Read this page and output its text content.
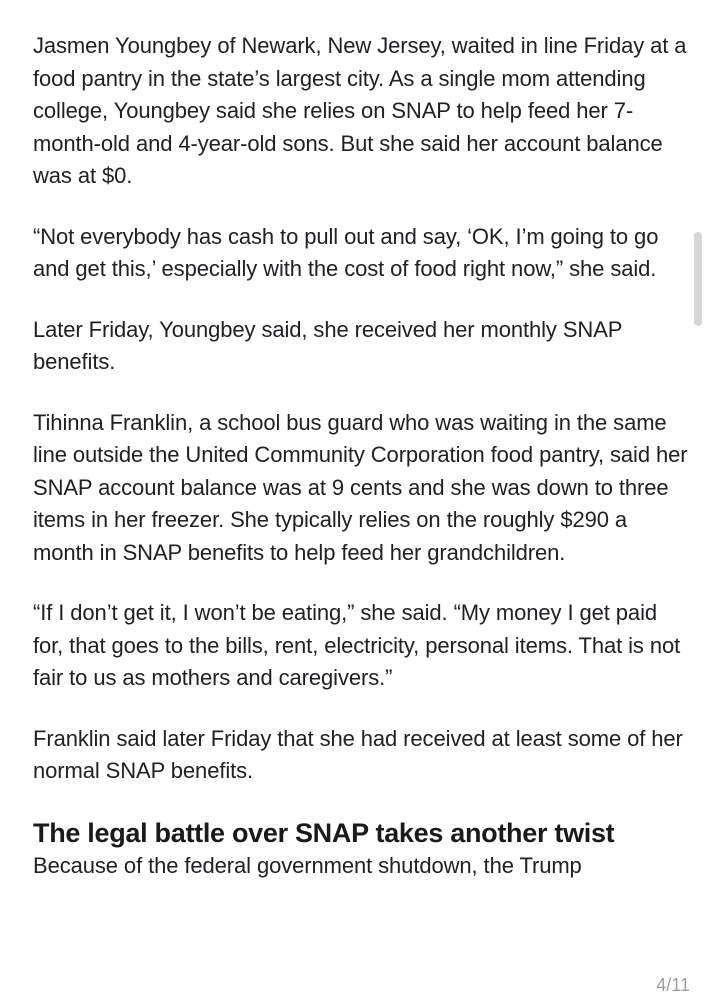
Jasmen Youngbey of Newark, New Jersey, waited in line Friday at a food pantry in the state’s largest city. As a single mom attending college, Youngbey said she relies on SNAP to help feed her 7-month-old and 4-year-old sons. But she said her account balance was at $0.

“Not everybody has cash to pull out and say, ‘OK, I’m going to go and get this,’ especially with the cost of food right now,” she said.

Later Friday, Youngbey said, she received her monthly SNAP benefits.

Tihinna Franklin, a school bus guard who was waiting in the same line outside the United Community Corporation food pantry, said her SNAP account balance was at 9 cents and she was down to three items in her freezer. She typically relies on the roughly $290 a month in SNAP benefits to help feed her grandchildren.

“If I don’t get it, I won’t be eating,” she said. “My money I get paid for, that goes to the bills, rent, electricity, personal items. That is not fair to us as mothers and caregivers.”

Franklin said later Friday that she had received at least some of her normal SNAP benefits.

The legal battle over SNAP takes another twist

Because of the federal government shutdown, the Trump

4/11
